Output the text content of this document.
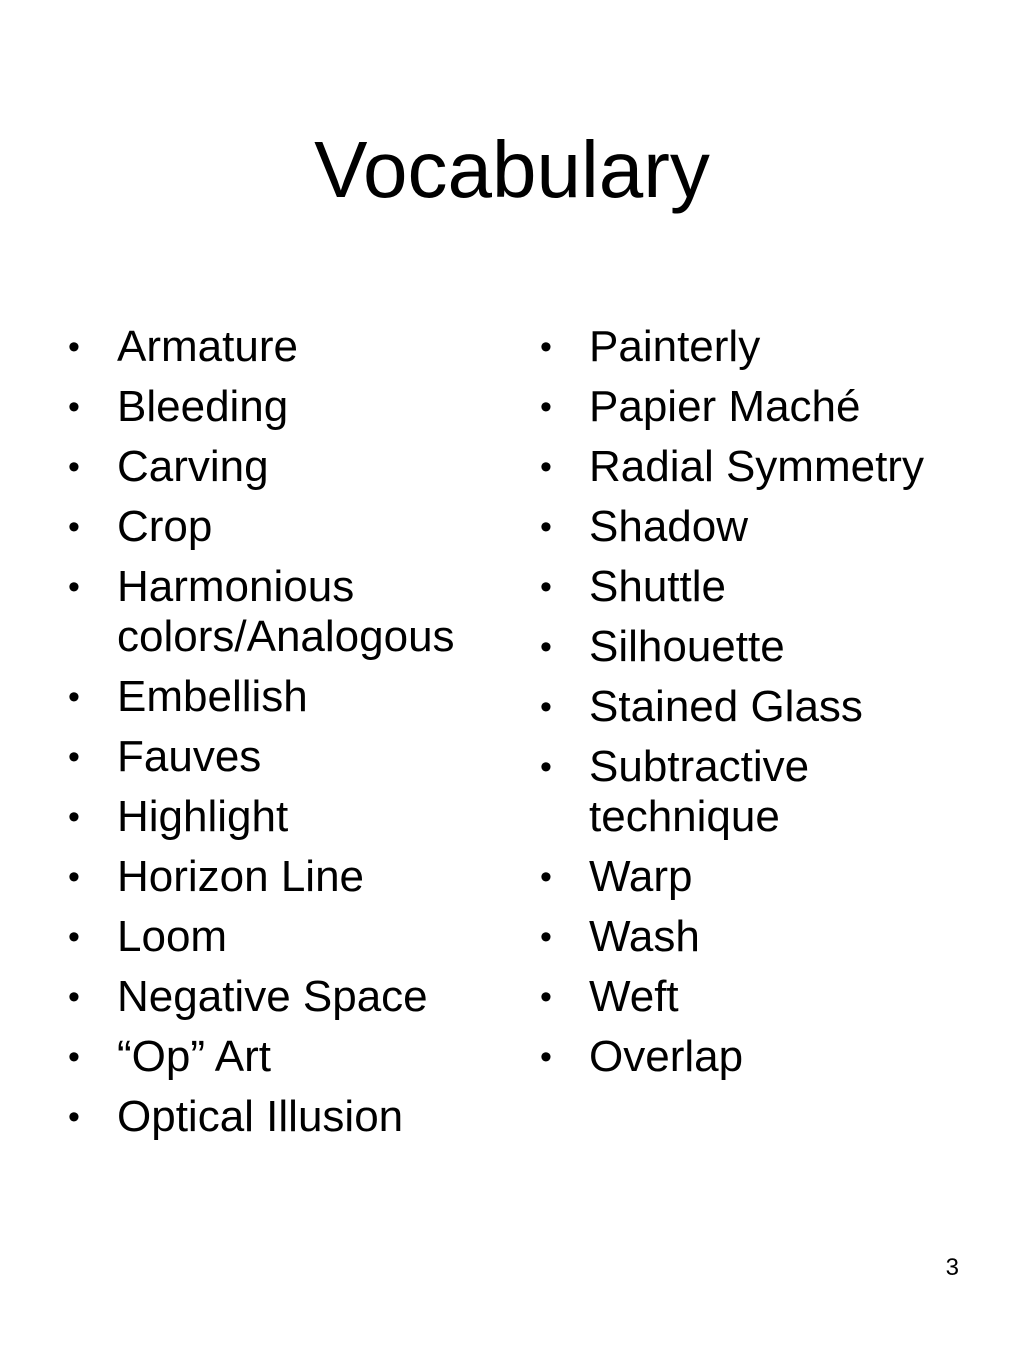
Vocabulary
• Armature
• Bleeding
• Carving
• Crop
• Harmonious colors/Analogous
• Embellish
• Fauves
• Highlight
• Horizon Line
• Loom
• Negative Space
• “Op” Art
• Optical Illusion
• Painterly
• Papier Maché
• Radial Symmetry
• Shadow
• Shuttle
• Silhouette
• Stained Glass
• Subtractive technique
• Warp
• Wash
• Weft
• Overlap
3
